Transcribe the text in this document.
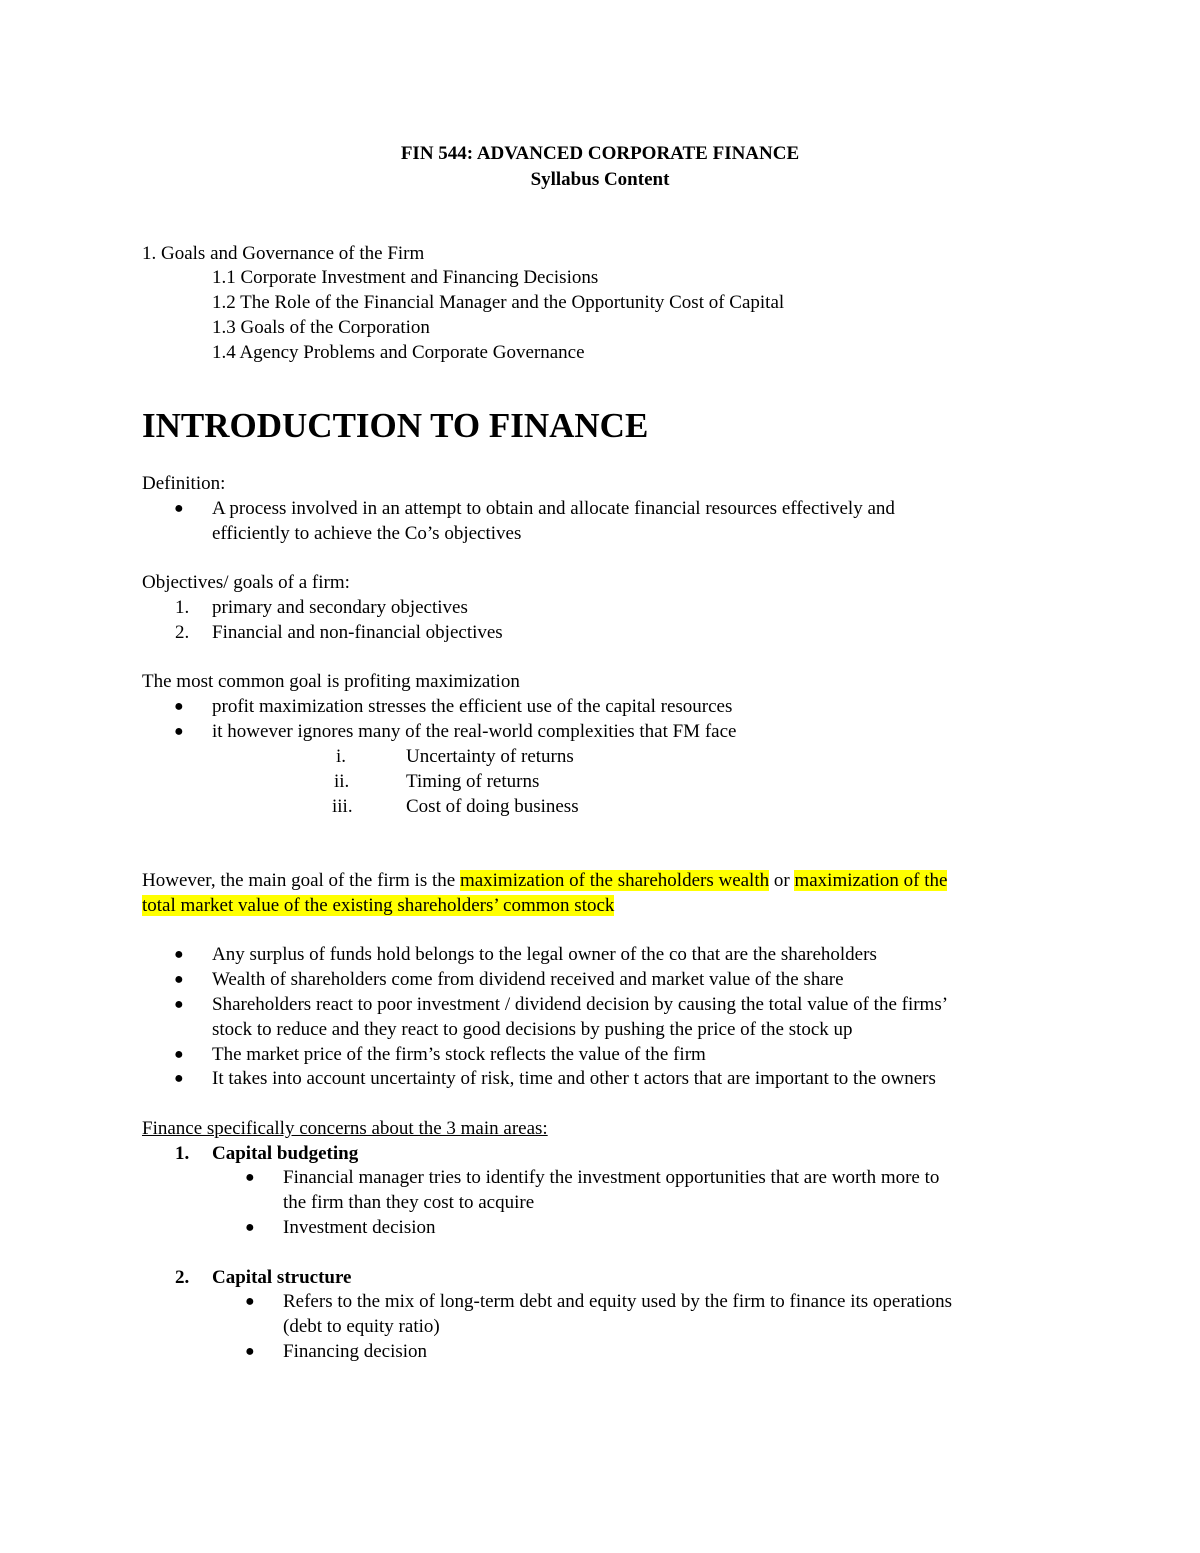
FIN 544: ADVANCED CORPORATE FINANCE
Syllabus Content
1. Goals and Governance of the Firm
1.1 Corporate Investment and Financing Decisions
1.2 The Role of the Financial Manager and the Opportunity Cost of Capital
1.3 Goals of the Corporation
1.4 Agency Problems and Corporate Governance
INTRODUCTION TO FINANCE
Definition:
● A process involved in an attempt to obtain and allocate financial resources effectively and
efficiently to achieve the Co’s objectives
Objectives/ goals of a firm:
1. primary and secondary objectives
2. Financial and non-financial objectives
The most common goal is profiting maximization
● profit maximization stresses the efficient use of the capital resources
● it however ignores many of the real-world complexities that FM face
i.	Uncertainty of returns
ii.	Timing of returns
iii.	Cost of doing business
However, the main goal of the firm is the maximization of the shareholders wealth or maximization of the
total market value of the existing shareholders’ common stock
● Any surplus of funds hold belongs to the legal owner of the co that are the shareholders
● Wealth of shareholders come from dividend received and market value of the share
● Shareholders react to poor investment / dividend decision by causing the total value of the firms’
stock to reduce and they react to good decisions by pushing the price of the stock up
● The market price of the firm’s stock reflects the value of the firm
● It takes into account uncertainty of risk, time and other t actors that are important to the owners
Finance specifically concerns about the 3 main areas:
1. Capital budgeting
● Financial manager tries to identify the investment opportunities that are worth more to
the firm than they cost to acquire
● Investment decision
2. Capital structure
● Refers to the mix of long-term debt and equity used by the firm to finance its operations
(debt to equity ratio)
● Financing decision
